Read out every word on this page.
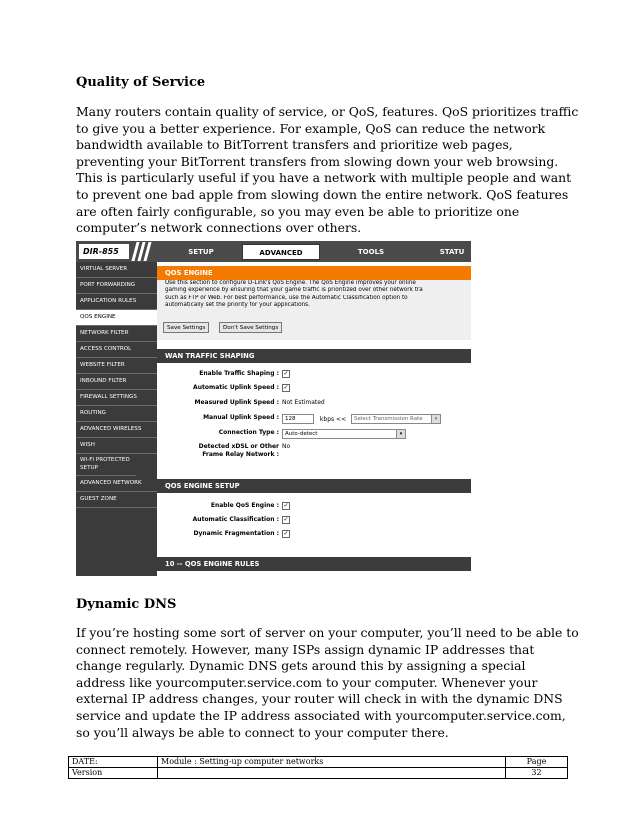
Quality of Service
Many routers contain quality of service, or QoS, features. QoS prioritizes traffic
to give you a better experience. For example, QoS can reduce the network
bandwidth available to BitTorrent transfers and prioritize web pages,
preventing your BitTorrent transfers from slowing down your web browsing.
This is particularly useful if you have a network with multiple people and want
to prevent one bad apple from slowing down the entire network. QoS features
are often fairly configurable, so you may even be able to prioritize one
computer’s network connections over others.
DIR-855	SETUP	ADVANCED	TOOLS	STATU
VIRTUAL SERVER
PORT FORWARDING
APPLICATION RULES
QOS ENGINE
NETWORK FILTER
ACCESS CONTROL
WEBSITE FILTER
INBOUND FILTER
FIREWALL SETTINGS
ROUTING
ADVANCED WIRELESS
WISH
WI-FI PROTECTED SETUP
ADVANCED NETWORK
GUEST ZONE
QOS ENGINE
Use this section to configure D-Link's QoS Engine. The QoS Engine improves your online
gaming experience by ensuring that your game traffic is prioritized over other network tra
such as FTP or Web. For best performance, use the Automatic Classification option to
automatically set the priority for your applications.
Save Settings	Don't Save Settings
WAN TRAFFIC SHAPING
Enable Traffic Shaping : ✓
Automatic Uplink Speed : ✓
Measured Uplink Speed : Not Estimated
Manual Uplink Speed :	128	kbps << Select Transmission Rate	▾
Connection Type :	Auto-detect	▾
Detected xDSL or Other
Frame Relay Network :
No
QOS ENGINE SETUP
Enable QoS Engine : ✓
Automatic Classification : ✓
Dynamic Fragmentation : ✓
10 -- QOS ENGINE RULES
Dynamic DNS
If you’re hosting some sort of server on your computer, you’ll need to be able to
connect remotely. However, many ISPs assign dynamic IP addresses that
change regularly. Dynamic DNS gets around this by assigning a special
address like yourcomputer.service.com to your computer. Whenever your
external IP address changes, your router will check in with the dynamic DNS
service and update the IP address associated with yourcomputer.service.com,
so you’ll always be able to connect to your computer there.
DATE:	Module : Setting-up computer networks	Page
Version		32
